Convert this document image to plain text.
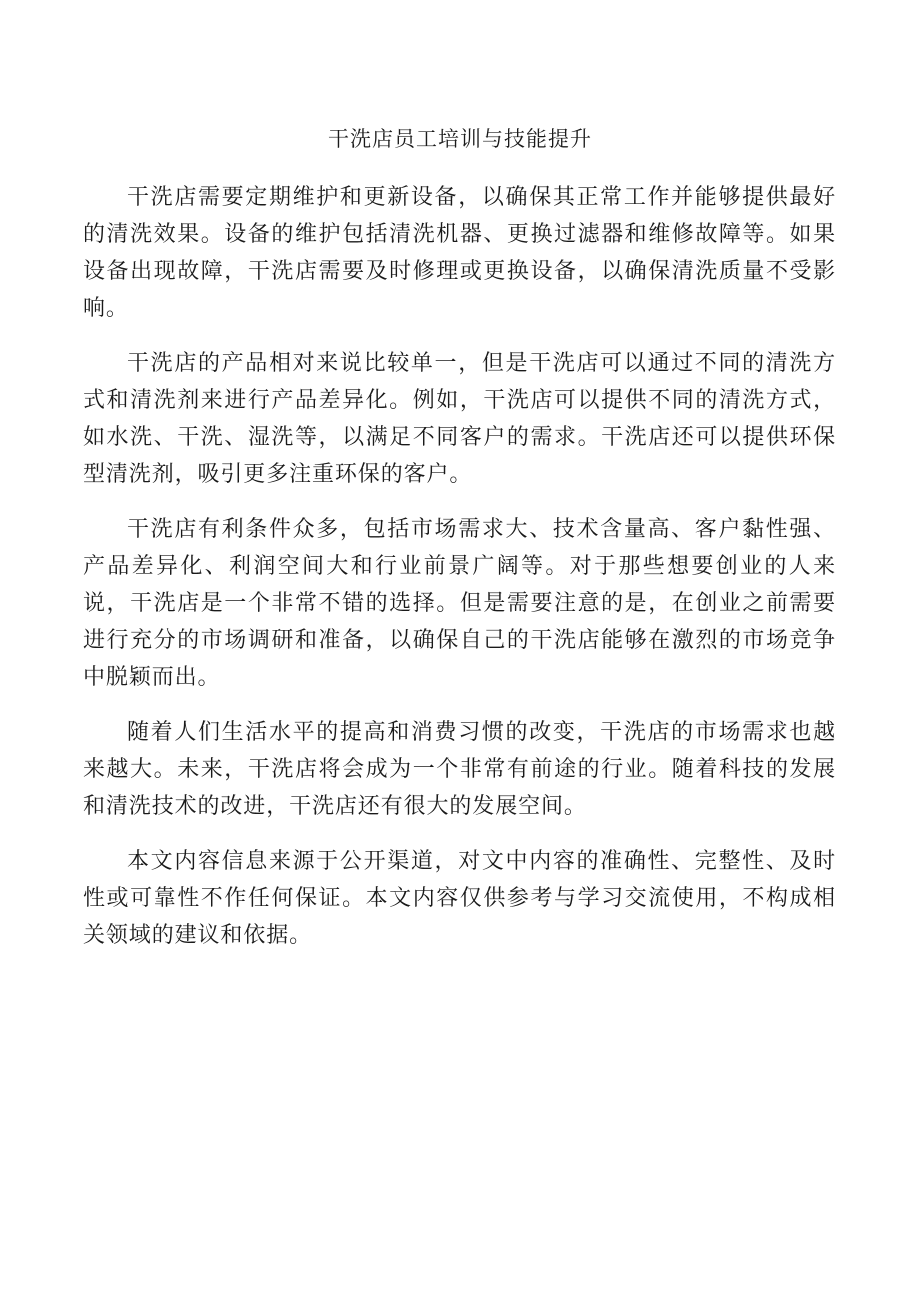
干洗店员工培训与技能提升

干洗店需要定期维护和更新设备，以确保其正常工作并能够提供最好的清洗效果。设备的维护包括清洗机器、更换过滤器和维修故障等。如果设备出现故障，干洗店需要及时修理或更换设备，以确保清洗质量不受影响。

干洗店的产品相对来说比较单一，但是干洗店可以通过不同的清洗方式和清洗剂来进行产品差异化。例如，干洗店可以提供不同的清洗方式，如水洗、干洗、湿洗等，以满足不同客户的需求。干洗店还可以提供环保型清洗剂，吸引更多注重环保的客户。

干洗店有利条件众多，包括市场需求大、技术含量高、客户黏性强、产品差异化、利润空间大和行业前景广阔等。对于那些想要创业的人来说，干洗店是一个非常不错的选择。但是需要注意的是，在创业之前需要进行充分的市场调研和准备，以确保自己的干洗店能够在激烈的市场竞争中脱颖而出。

随着人们生活水平的提高和消费习惯的改变，干洗店的市场需求也越来越大。未来，干洗店将会成为一个非常有前途的行业。随着科技的发展和清洗技术的改进，干洗店还有很大的发展空间。

本文内容信息来源于公开渠道，对文中内容的准确性、完整性、及时性或可靠性不作任何保证。本文内容仅供参考与学习交流使用，不构成相关领域的建议和依据。
